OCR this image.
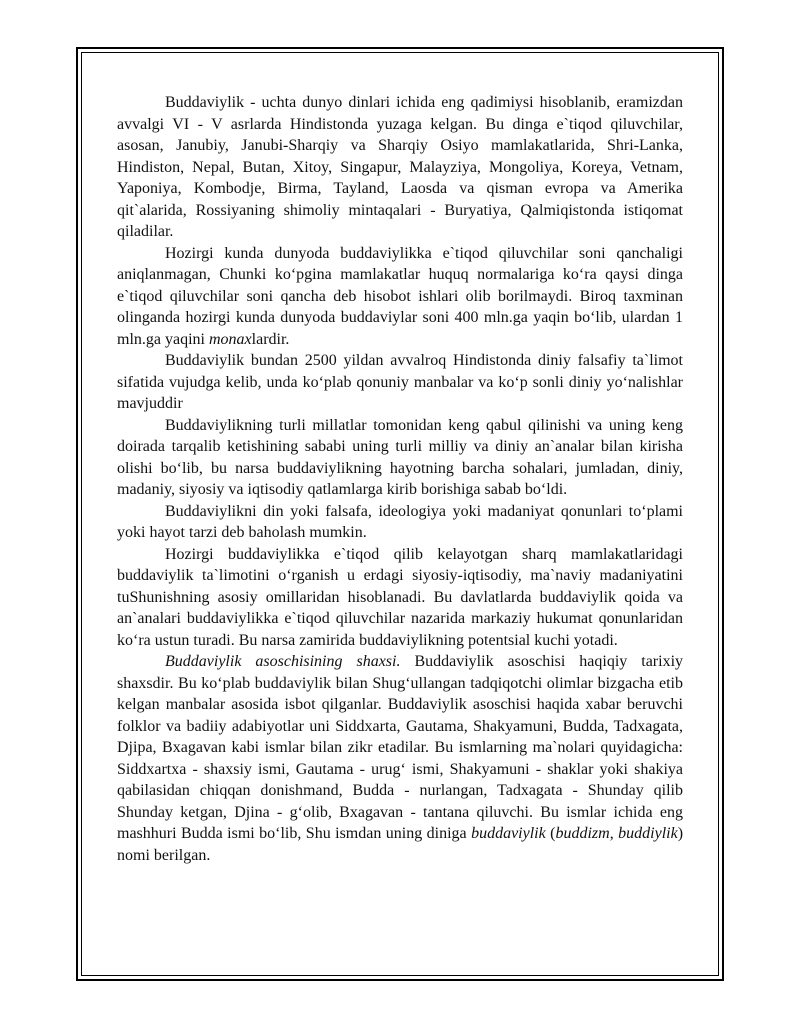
Buddaviylik - uchta dunyo dinlari ichida eng qadimiysi hisoblanib, eramizdan avvalgi VI - V asrlarda Hindistonda yuzaga kelgan. Bu dinga e`tiqod qiluvchilar, asosan, Janubiy, Janubi-Sharqiy va Sharqiy Osiyo mamlakatlarida, Shri-Lanka, Hindiston, Nepal, Butan, Xitoy, Singapur, Malayziya, Mongoliya, Koreya, Vetnam, Yaponiya, Kombodje, Birma, Tayland, Laosda va qisman evropa va Amerika qit`alarida, Rossiyaning shimoliy mintaqalari - Buryatiya, Qalmiqistonda istiqomat qiladilar.

Hozirgi kunda dunyoda buddaviylikka e`tiqod qiluvchilar soni qanchaligi aniqlanmagan, Chunki ko‘pgina mamlakatlar huquq normalariga ko‘ra qaysi dinga e`tiqod qiluvchilar soni qancha deb hisobot ishlari olib borilmaydi. Biroq taxminan olinganda hozirgi kunda dunyoda buddaviylar soni 400 mln.ga yaqin bo‘lib, ulardan 1 mln.ga yaqini monaxlardir.

Buddaviylik bundan 2500 yildan avvalroq Hindistonda diniy falsafiy ta`limot sifatida vujudga kelib, unda ko‘plab qonuniy manbalar va ko‘p sonli diniy yo‘nalishlar mavjuddir

Buddaviylikning turli millatlar tomonidan keng qabul qilinishi va uning keng doirada tarqalib ketishining sababi uning turli milliy va diniy an`analar bilan kirisha olishi bo‘lib, bu narsa buddaviylikning hayotning barcha sohalari, jumladan, diniy, madaniy, siyosiy va iqtisodiy qatlamlarga kirib borishiga sabab bo‘ldi.

Buddaviylikni din yoki falsafa, ideologiya yoki madaniyat qonunlari to‘plami yoki hayot tarzi deb baholash mumkin.

Hozirgi buddaviylikka e`tiqod qilib kelayotgan sharq mamlakatlaridagi buddaviylik ta`limotini o‘rganish u erdagi siyosiy-iqtisodiy, ma`naviy madaniyatini tuShunishning asosiy omillaridan hisoblanadi. Bu davlatlarda buddaviylik qoida va an`analari buddaviylikka e`tiqod qiluvchilar nazarida markaziy hukumat qonunlaridan ko‘ra ustun turadi. Bu narsa zamirida buddaviylikning potentsial kuchi yotadi.

Buddaviylik asoschisining shaxsi. Buddaviylik asoschisi haqiqiy tarixiy shaxsdir. Bu ko‘plab buddaviylik bilan Shug‘ullangan tadqiqotchi olimlar bizgacha etib kelgan manbalar asosida isbot qilganlar. Buddaviylik asoschisi haqida xabar beruvchi folklor va badiiy adabiyotlar uni Siddxarta, Gautama, Shakyamuni, Budda, Tadxagata, Djipa, Bxagavan kabi ismlar bilan zikr etadilar. Bu ismlarning ma`nolari quyidagicha: Siddxartxa - shaxsiy ismi, Gautama - urug‘ ismi, Shakyamuni - shaklar yoki shakiya qabilasidan chiqqan donishmand, Budda - nurlangan, Tadxagata - Shunday qilib Shunday ketgan, Djina - g‘olib, Bxagavan - tantana qiluvchi. Bu ismlar ichida eng mashhuri Budda ismi bo‘lib, Shu ismdan uning diniga buddaviylik (buddizm, buddiylik) nomi berilgan.
